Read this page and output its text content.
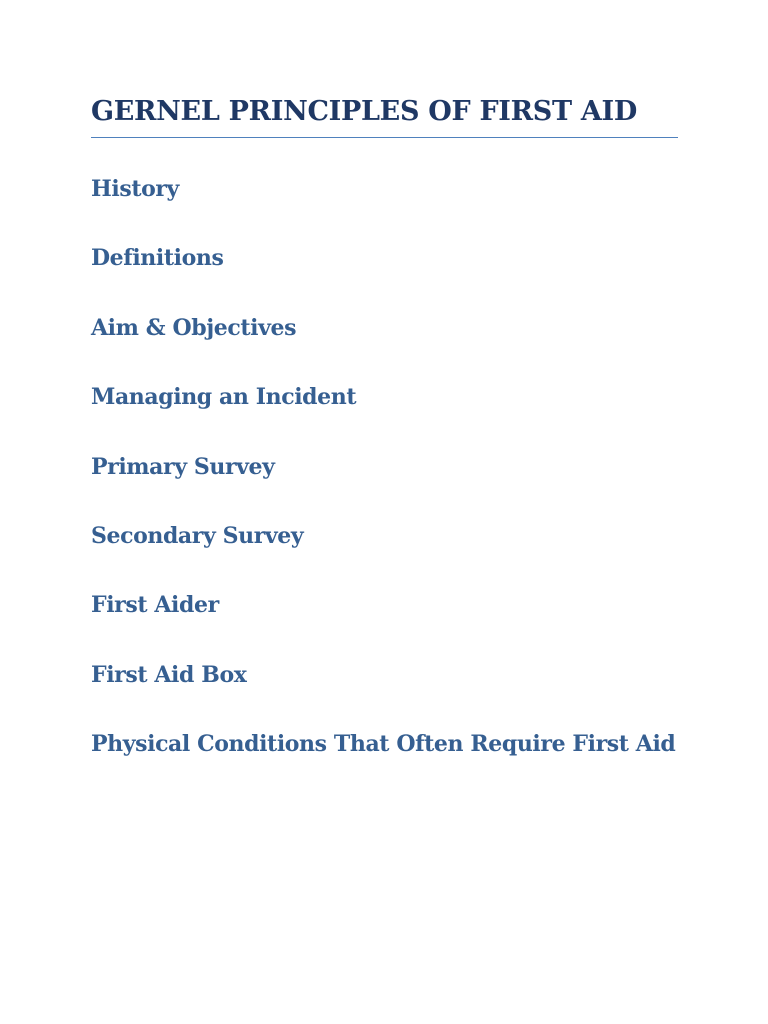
GERNEL PRINCIPLES OF FIRST AID
History
Definitions
Aim & Objectives
Managing an Incident
Primary Survey
Secondary Survey
First Aider
First Aid Box
Physical Conditions That Often Require First Aid
